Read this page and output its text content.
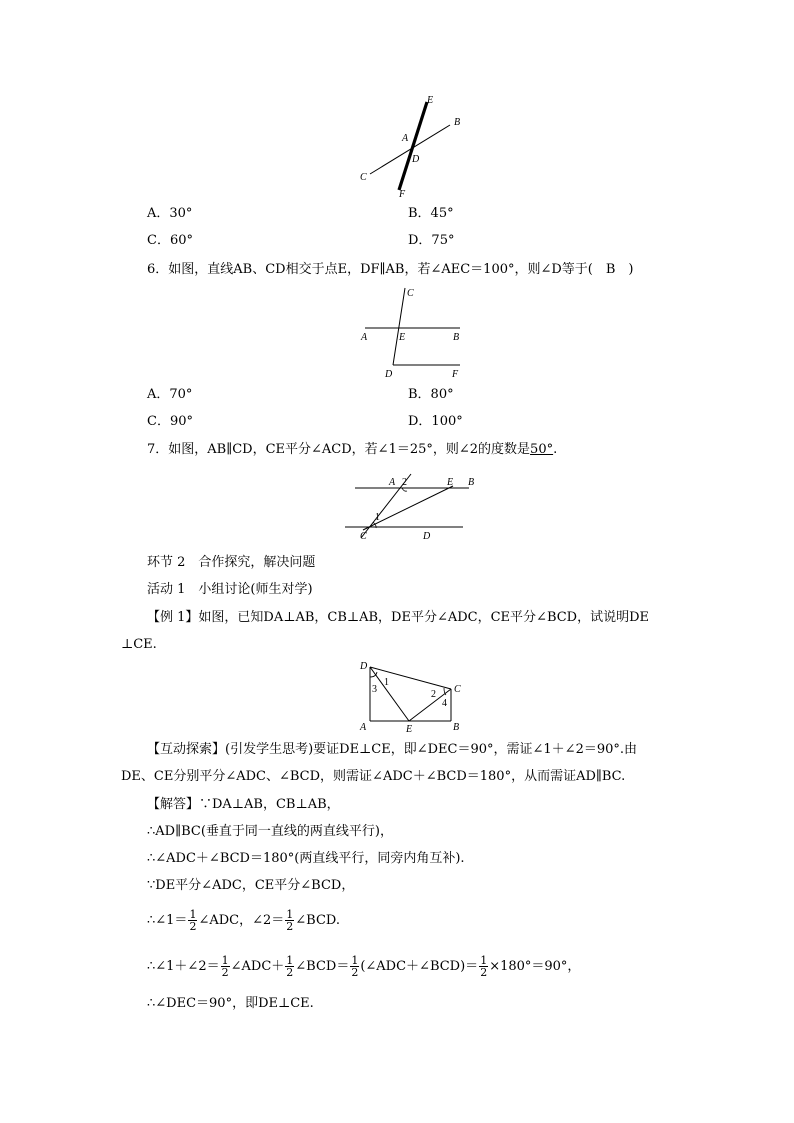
E
B
A
D
C
F
A．30°	B．45°
C．60°	D．75°
6．如图，直线AB、CD相交于点E，DF∥AB，若∠AEC＝100°，则∠D等于(　B　)
C
A	E	B
D	F
A．70°	B．80°
C．90°	D．100°
7．如图，AB∥CD，CE平分∠ACD，若∠1＝25°，则∠2的度数是50°.
A 2	E B
1
C	D
环节 2　合作探究，解决问题
活动 1　小组讨论(师生对学)
【例 1】如图，已知DA⊥AB，CB⊥AB，DE平分∠ADC，CE平分∠BCD，试说明DE
⊥CE.
D
1
3	2
4
C
A	E	B
【互动探索】(引发学生思考)要证DE⊥CE，即∠DEC＝90°，需证∠1＋∠2＝90°.由
DE、CE分别平分∠ADC、∠BCD，则需证∠ADC＋∠BCD＝180°，从而需证AD∥BC.
【解答】∵DA⊥AB，CB⊥AB，
∴AD∥BC(垂直于同一直线的两直线平行)，
∴∠ADC＋∠BCD＝180°(两直线平行，同旁内角互补).
∵DE平分∠ADC，CE平分∠BCD，
∴∠1＝ $\frac{1}{2}$ ∠ADC，∠2＝ $\frac{1}{2}$ ∠BCD.
∴∠1＋∠2＝ $\frac{1}{2}$ ∠ADC＋ $\frac{1}{2}$ ∠BCD＝ $\frac{1}{2}$ (∠ADC＋∠BCD)＝ $\frac{1}{2} \times 180^\circ=90^\circ$，
∴∠DEC＝90°，即DE⊥CE.
